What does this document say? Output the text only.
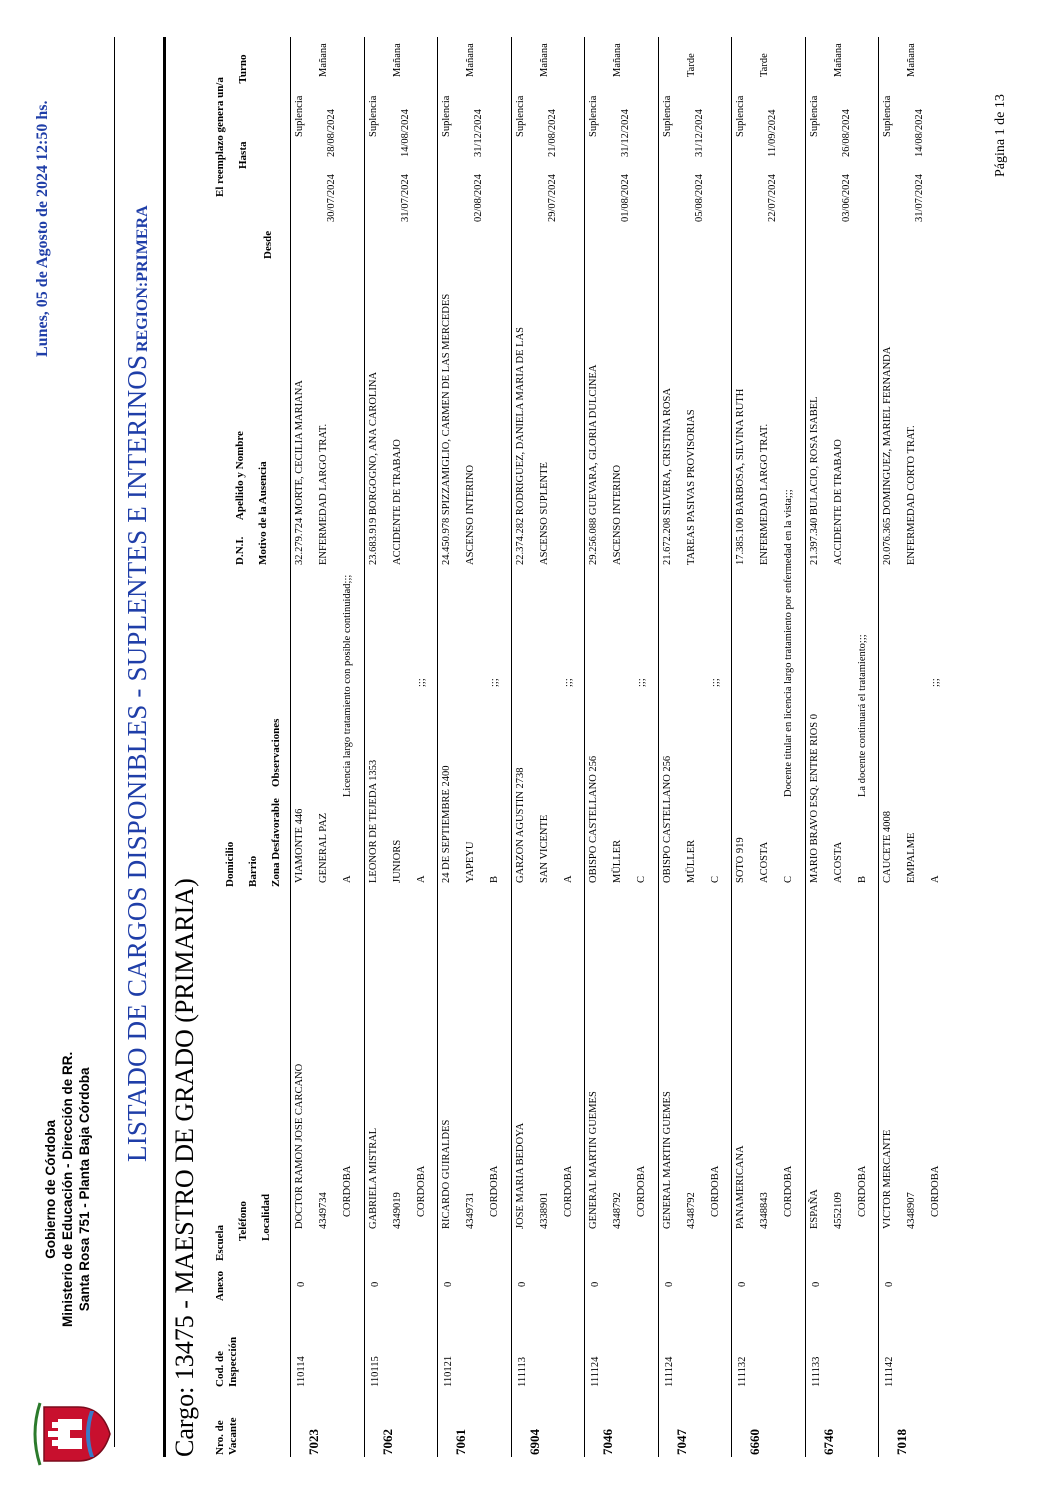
Gobierno de Córdoba Ministerio de Educación - Dirección de RR. Santa Rosa 751 - Planta Baja Córdoba
Lunes, 05 de Agosto de 2024 12:50 hs.
LISTADO DE CARGOS DISPONIBLES - SUPLENTES E INTERINOS
REGION:PRIMERA
Cargo: 13475 - MAESTRO DE GRADO (PRIMARIA) Nro. de Vacante
Cod. de Inspección
Anexo
Escuela
Teléfono Localidad
Domicilio Barrio Zona Desfavorable
Observaciones
D.N.I.      Apellido y Nombre Motivo de la Ausencia
Desde
El reemplazo genera un/a HastaTurno
7023
110114
0
DOCTOR RAMON JOSE CARCANO 4349734 CORDOBA
VIAMONTE 446 GENERAL PAZ A
Licencia largo tratamiento con posible continuidad;;;
32.279.724 MORTE, CECILIA MARIANA ENFERMEDAD LARGO TRAT.
30/07/2024
Suplencia 28/08/2024
Mañana
7062
110115
0
GABRIELA MISTRAL 4349019 CORDOBA
LEONOR DE TEJEDA 1353 JUNIORS A
;;;
23.683.919 BORGOGNO, ANA CAROLINA ACCIDENTE DE TRABAJO
31/07/2024
Suplencia 14/08/2024
Mañana
7061
110121
0
RICARDO GUIRALDES 4349731 CORDOBA
24 DE SEPTIEMBRE 2400 YAPEYU B
;;;
24.450.978 SPIZZAMIGLIO, CARMEN DE LAS MERCEDES ASCENSO INTERINO
02/08/2024
Suplencia 31/12/2024
Mañana
6904
111113
0
JOSE MARIA BEDOYA 4338901 CORDOBA
GARZON AGUSTIN 2738 SAN VICENTE A
;;;
22.374.282 RODRIGUEZ, DANIELA MARIA DE LAS ASCENSO SUPLENTE
29/07/2024
Suplencia 21/08/2024
Mañana
7046
111124
0
GENERAL MARTIN GUEMES 4348792 CORDOBA
OBISPO CASTELLANO 256 MÜLLER C
;;;
29.256.088 GUEVARA, GLORIA DULCINEA ASCENSO INTERINO
01/08/2024
Suplencia 31/12/2024
Mañana
7047
111124
0
GENERAL MARTIN GUEMES 4348792 CORDOBA
OBISPO CASTELLANO 256 MÜLLER C
;;;
21.672.208 SILVERA, CRISTINA ROSA TAREAS PASIVAS PROVISORIAS
05/08/2024
Suplencia 31/12/2024
Tarde
6660
111132
0
PANAMERICANA 4348843 CORDOBA
SOTO 919 ACOSTA C
Docente titular en licencia largo tratamiento por enfermedad en la vista;;;
17.385.100 BARBOSA, SILVINA RUTH ENFERMEDAD LARGO TRAT.
22/07/2024
Suplencia 11/09/2024
Tarde
6746
111133
0
ESPAÑA 4552109 CORDOBA
MARIO BRAVO ESQ. ENTRE RIOS 0 ACOSTA B
La docente continuará el tratamiento;;;
21.397.340 BULACIO, ROSA ISABEL ACCIDENTE DE TRABAJO
03/06/2024
Suplencia 26/08/2024
Mañana
7018
111142
0
VICTOR MERCANTE 4348907 CORDOBA
CAUCETE 4008 EMPALME A
;;;
20.076.365 DOMINGUEZ, MARIEL FERNANDA ENFERMEDAD CORTO TRAT.
31/07/2024
Suplencia 14/08/2024
Mañana
Página 1 de 13
